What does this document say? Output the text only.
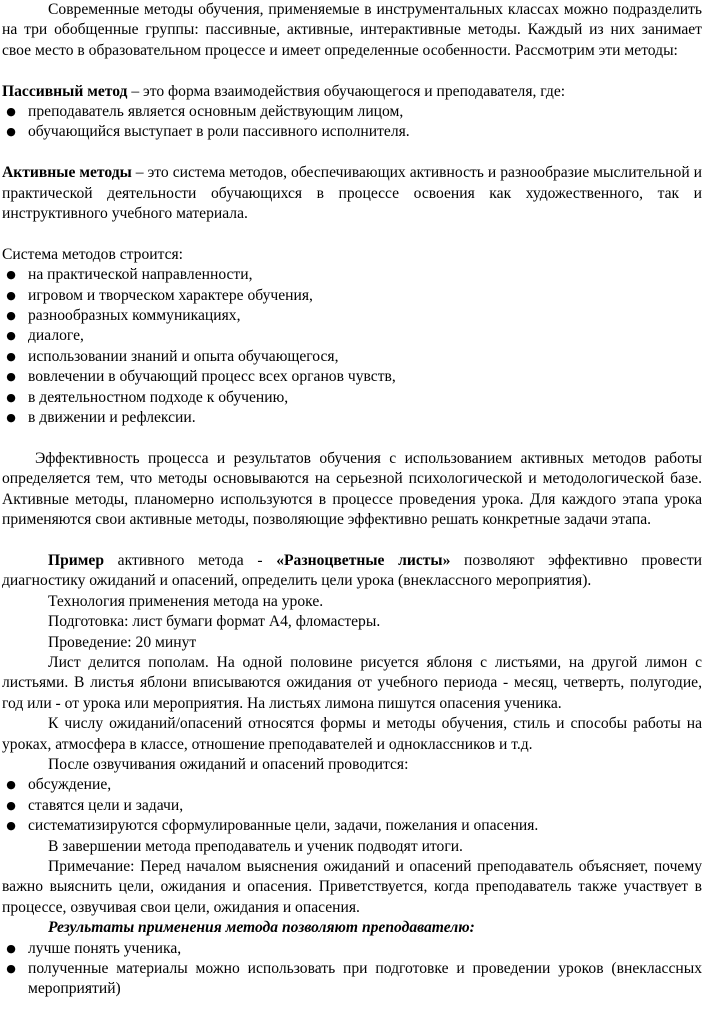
Современные методы обучения, применяемые в инструментальных классах можно подразделить на три обобщенные группы: пассивные, активные, интерактивные методы. Каждый из них занимает свое место в образовательном процессе и имеет определенные особенности. Рассмотрим эти методы:

Пассивный метод – это форма взаимодействия обучающегося и преподавателя, где:

● преподаватель является основным действующим лицом,
● обучающийся выступает в роли пассивного исполнителя.

Активные методы – это система методов, обеспечивающих активность и разнообразие мыслительной и практической деятельности обучающихся в процессе освоения как художественного, так и инструктивного учебного материала.

Система методов строится:

● на практической направленности,
● игровом и творческом характере обучения,
● разнообразных коммуникациях,
● диалоге,
● использовании знаний и опыта обучающегося,
● вовлечении в обучающий процесс всех органов чувств,
● в деятельностном подходе к обучению,
● в движении и рефлексии.

Эффективность процесса и результатов обучения с использованием активных методов работы определяется тем, что методы основываются на серьезной психологической и методологической базе. Активные методы, планомерно используются в процессе проведения урока. Для каждого этапа урока применяются свои активные методы, позволяющие эффективно решать конкретные задачи этапа.

Пример активного метода - «Разноцветные листы» позволяют эффективно провести диагностику ожиданий и опасений, определить цели урока (внеклассного мероприятия).

Технология применения метода на уроке.

Подготовка: лист бумаги формат А4, фломастеры.

Проведение: 20 минут

Лист делится пополам. На одной половине рисуется яблоня с листьями, на другой лимон с листьями. В листья яблони вписываются ожидания от учебного периода - месяц, четверть, полугодие, год или - от урока или мероприятия. На листьях лимона пишутся опасения ученика.

К числу ожиданий/опасений относятся формы и методы обучения, стиль и способы работы на уроках, атмосфера в классе, отношение преподавателей и одноклассников и т.д.

После озвучивания ожиданий и опасений проводится:

● обсуждение,
● ставятся цели и задачи,
● систематизируются сформулированные цели, задачи, пожелания и опасения.

В завершении метода преподаватель и ученик подводят итоги.

Примечание: Перед началом выяснения ожиданий и опасений преподаватель объясняет, почему важно выяснить цели, ожидания и опасения. Приветствуется, когда преподаватель также участвует в процессе, озвучивая свои цели, ожидания и опасения.

Результаты применения метода позволяют преподавателю:

● лучше понять ученика,
● полученные материалы можно использовать при подготовке и проведении уроков (внеклассных мероприятий)
